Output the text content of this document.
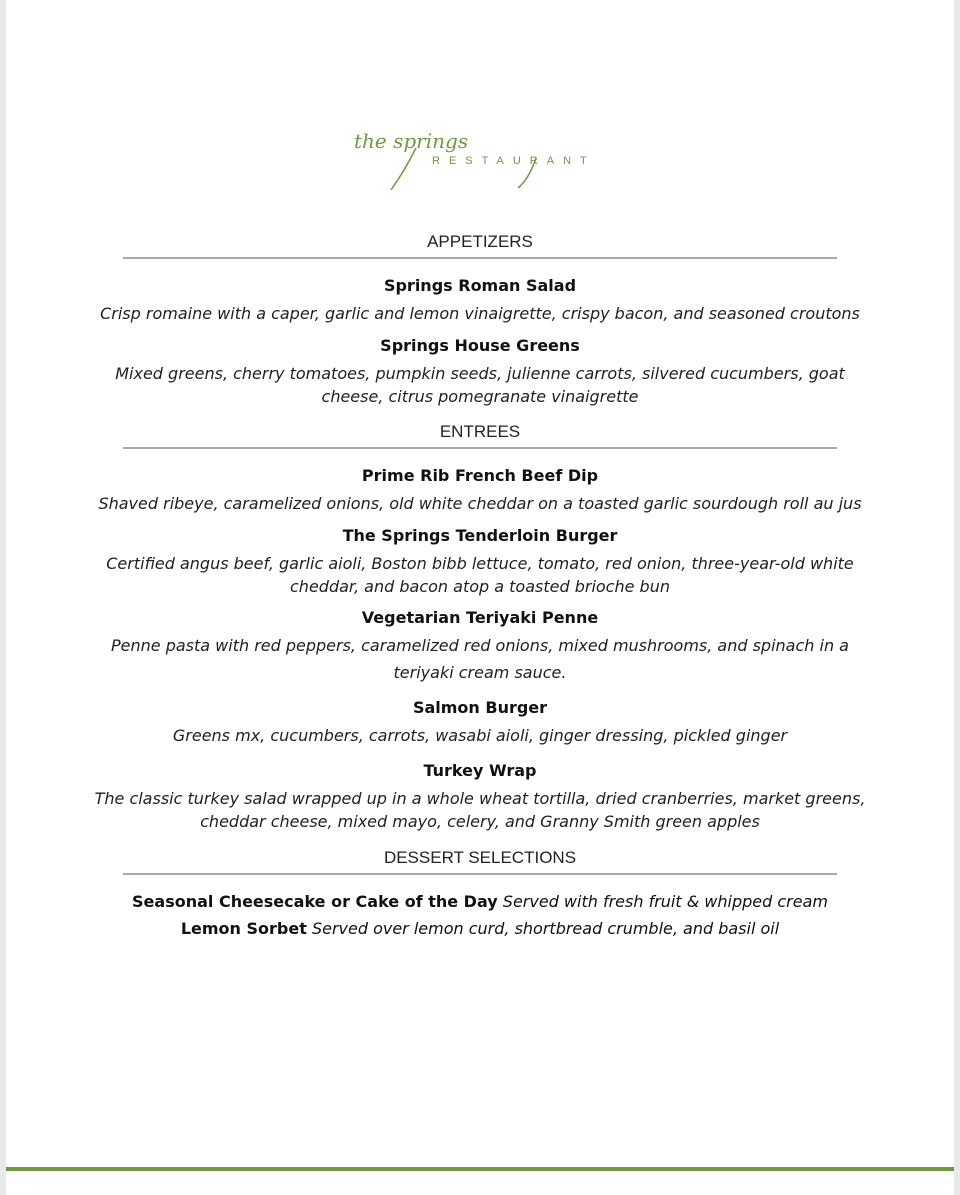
the springs
RESTAURANT
APPETIZERS
Springs Roman Salad
Crisp romaine with a caper, garlic and lemon vinaigrette, crispy bacon, and seasoned croutons
Springs House Greens
Mixed greens, cherry tomatoes, pumpkin seeds, julienne carrots, silvered cucumbers, goat
cheese, citrus pomegranate vinaigrette
ENTREES
Prime Rib French Beef Dip
Shaved ribeye, caramelized onions, old white cheddar on a toasted garlic sourdough roll au jus
The Springs Tenderloin Burger
Certified angus beef, garlic aioli, Boston bibb lettuce, tomato, red onion, three-year-old white
cheddar, and bacon atop a toasted brioche bun
Vegetarian Teriyaki Penne
Penne pasta with red peppers, caramelized red onions, mixed mushrooms, and spinach in a
teriyaki cream sauce.
Salmon Burger
Greens mx, cucumbers, carrots, wasabi aioli, ginger dressing, pickled ginger
Turkey Wrap
The classic turkey salad wrapped up in a whole wheat tortilla, dried cranberries, market greens,
cheddar cheese, mixed mayo, celery, and Granny Smith green apples
DESSERT SELECTIONS
Seasonal Cheesecake or Cake of the Day Served with fresh fruit & whipped cream
Lemon Sorbet Served over lemon curd, shortbread crumble, and basil oil
